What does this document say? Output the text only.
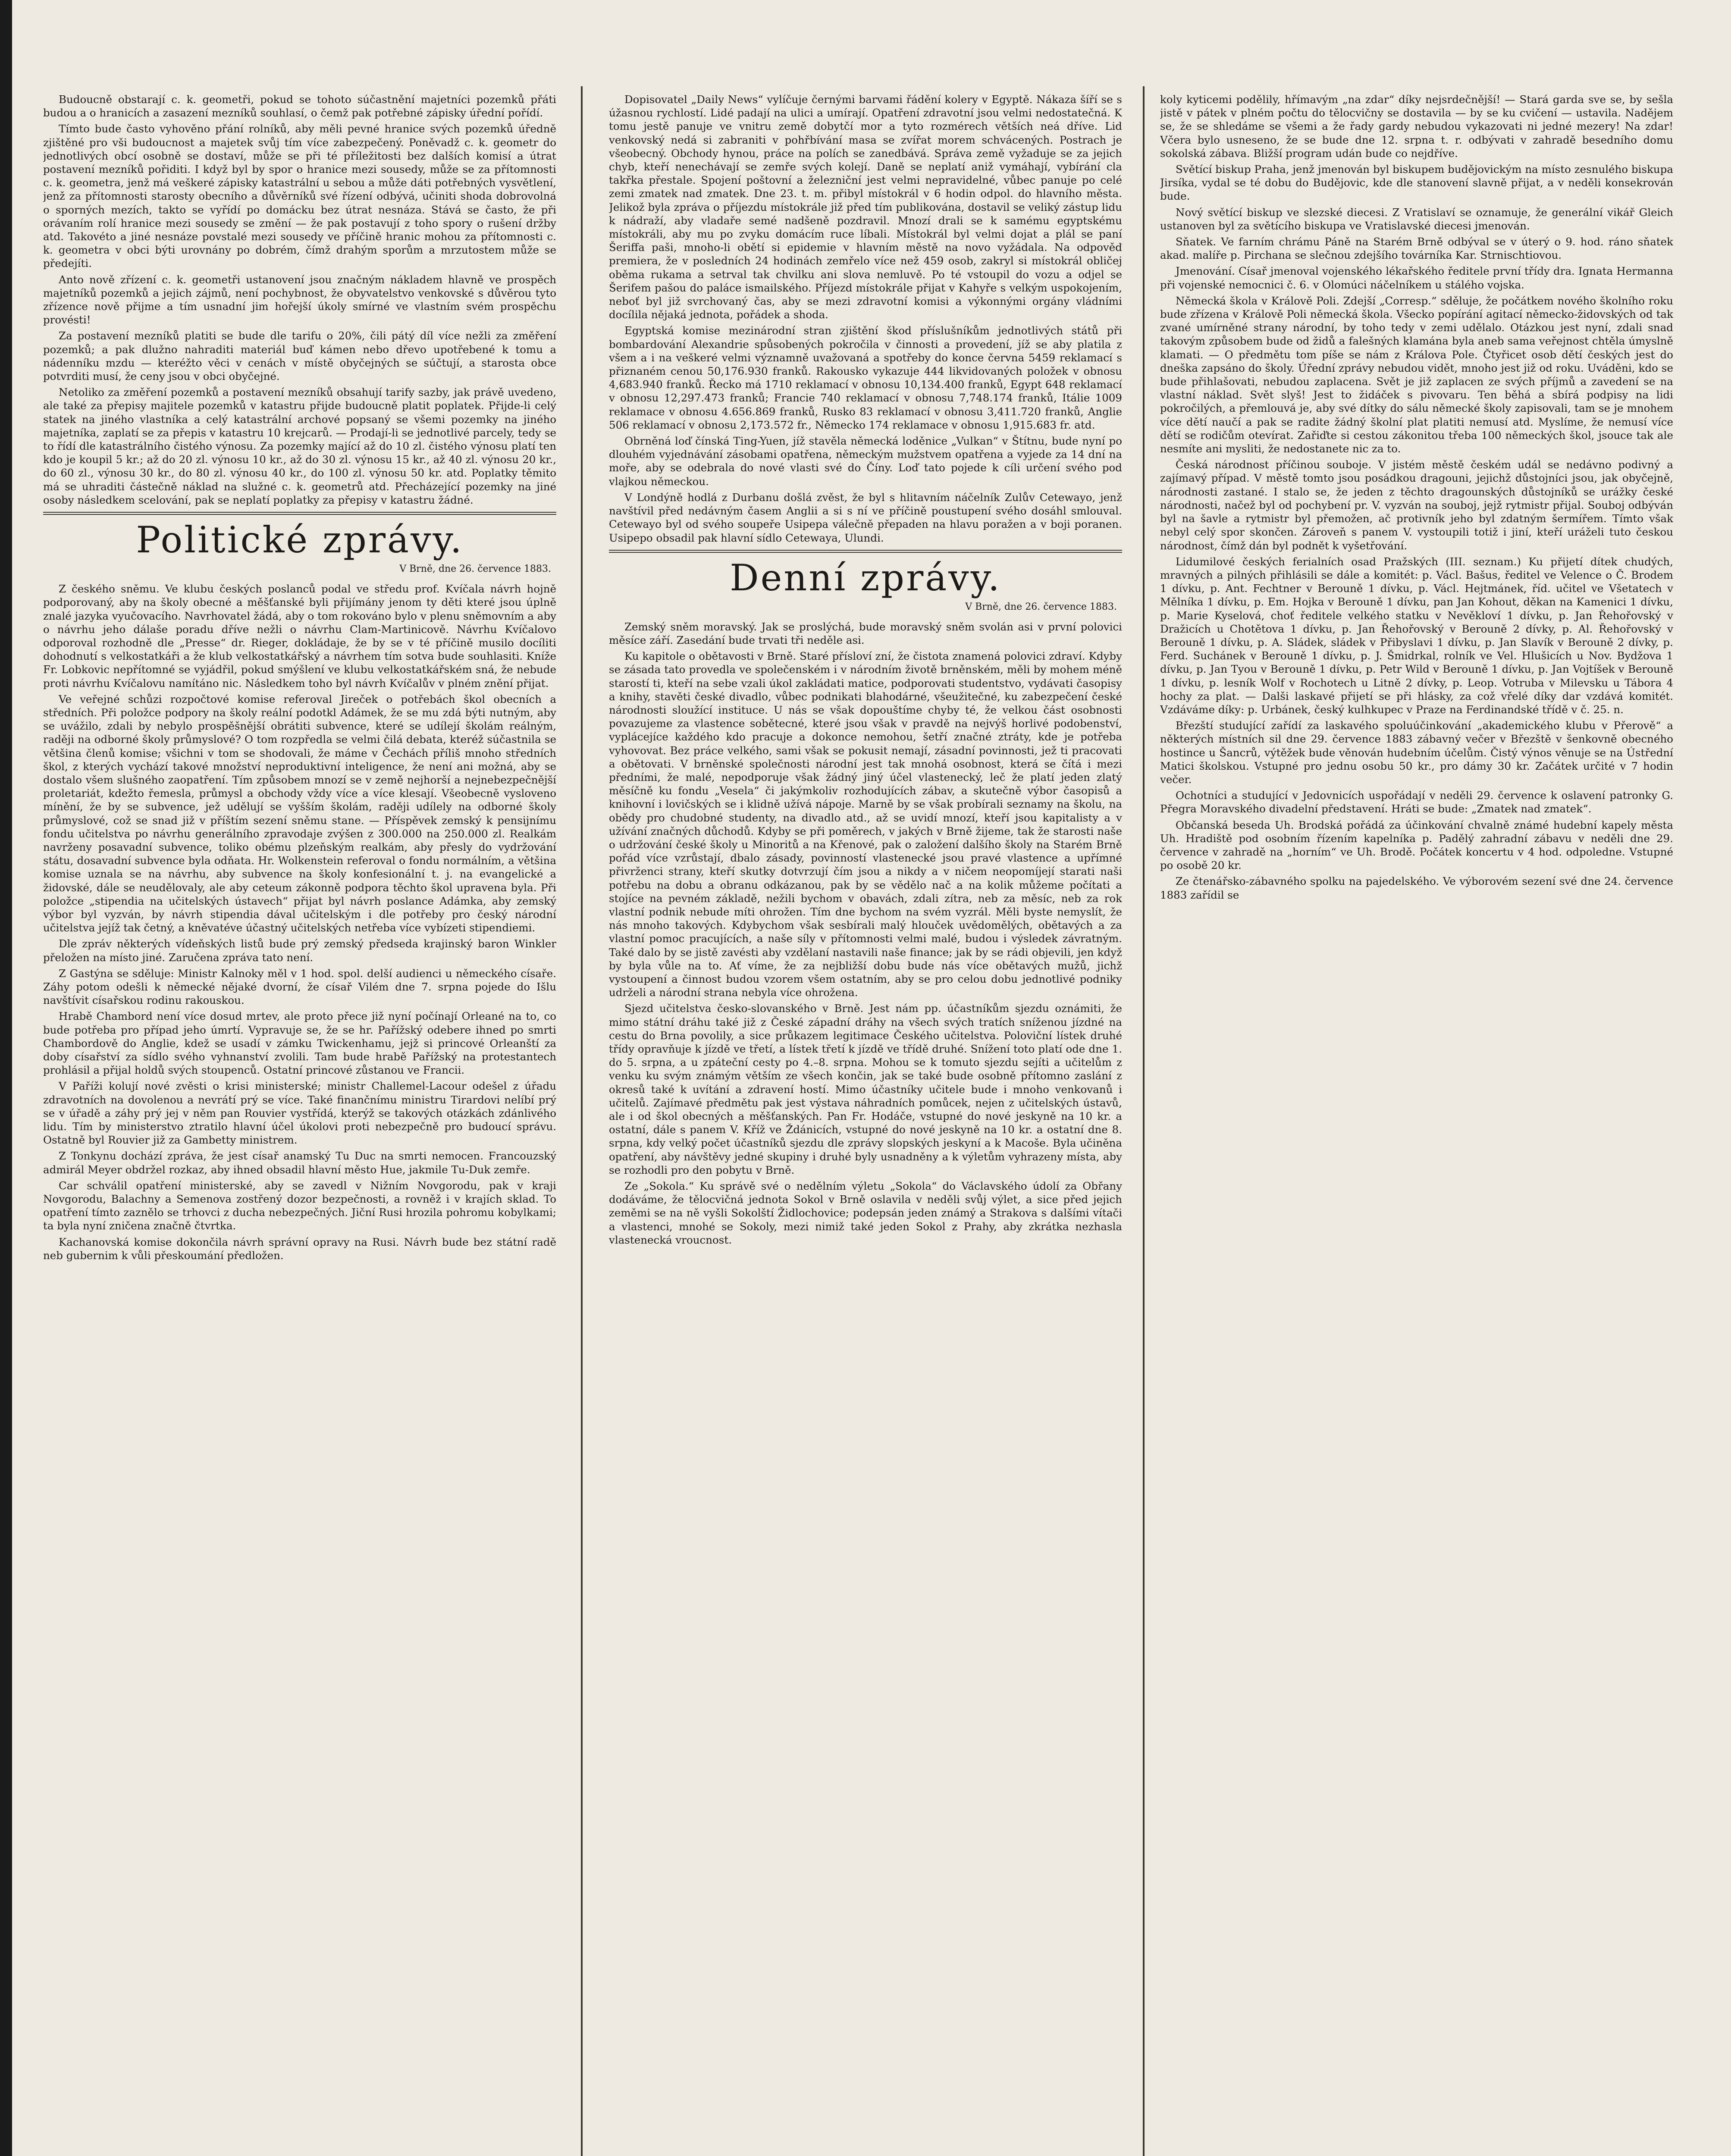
Budoucně obstarají c. k. geometři, pokud se tohoto súčastnění majetníci pozemků přáti budou a o hranicích a zasazení mezníků souhlasí, o čemž pak potřebné zápisky úřední pořídí.

Tímto bude často vyhověno přání rolníků, aby měli pevné hranice svých pozemků úředně zjištěné pro vši budoucnost a majetek svůj tím více zabezpečený. Poněvadž c. k. geometr do jednotlivých obcí osobně se dostaví, může se při té příležitosti bez dalších komisí a útrat postavení mezníků pořiditi. I když byl by spor o hranice mezi sousedy, může se za přítomnosti c. k. geometra, jenž má veškeré zápisky katastrální u sebou a může dáti potřebných vysvětlení, jenž za přítomnosti starosty obecního a důvěrníků své řízení odbývá, učiniti shoda dobrovolná o sporných mezích, takto se vyřídí po domácku bez útrat nesnáza. Stává se často, že při orávaním rolí hranice mezi sousedy se změní — že pak postavují z toho spory o rušení držby atd. Takovéto a jiné nesnáze povstalé mezi sousedy ve příčině hranic mohou za přítomnosti c. k. geometra v obci býti urovnány po dobrém, čímž drahým sporům a mrzutostem může se předejíti.

Anto nově zřízení c. k. geometři ustanovení jsou značným nákladem hlavně ve prospěch majetníků pozemků a jejich zájmů, není pochybnost, že obyvatelstvo venkovské s důvěrou tyto zřízence nově přijme a tím usnadní jim hořejší úkoly smírné ve vlastním svém prospěchu provésti!

Za postavení mezníků platiti se bude dle tarifu o 20%, čili pátý díl více nežli za změření pozemků; a pak dlužno nahraditi materiál buď kámen nebo dřevo upotřebené k tomu a nádenníku mzdu — kteréžto věci v cenách v místě obyčejných se súčtují, a starosta obce potvrditi musí, že ceny jsou v obci obyčejné.

Netoliko za změření pozemků a postavení mezníků obsahují tarify sazby, jak právě uvedeno, ale také za přepisy majitele pozemků v katastru přijde budoucně platit poplatek. Přijde-li celý statek na jiného vlastníka a celý katastrální archové popsaný se všemi pozemky na jiného majetníka, zaplatí se za přepis v katastru 10 krejcarů. — Prodají-li se jednotlivé parcely, tedy se to řídí dle katastrálního čistého výnosu. Za pozemky mající až do 10 zl. čistého výnosu platí ten kdo je koupil 5 kr.; až do 20 zl. výnosu 10 kr., až do 30 zl. výnosu 15 kr., až 40 zl. výnosu 20 kr., do 60 zl., výnosu 30 kr., do 80 zl. výnosu 40 kr., do 100 zl. výnosu 50 kr. atd. Poplatky těmito má se uhraditi částečně náklad na služné c. k. geometrů atd. Přecházející pozemky na jiné osoby následkem scelování, pak se neplatí poplatky za přepisy v katastru žádné.

Politické zprávy.
V Brně, dne 26. července 1883.

Z českého sněmu. Ve klubu českých poslanců podal ve středu prof. Kvíčala návrh hojně podporovaný, aby na školy obecné a měšťanské byli přijímány jenom ty děti které jsou úplně znalé jazyka vyučovacího. Navrhovatel žádá, aby o tom rokováno bylo v plenu sněmovním a aby o návrhu jeho dálaše poradu dříve nežli o návrhu Clam-Martinicově. Návrhu Kvíčalovo odporoval rozhodně dle „Presse“ dr. Rieger, dokládaje, že by se v té příčině musilo docíliti dohodnutí s velkostatkáři a že klub velkostatkářský a návrhem tím sotva bude souhlasiti. Kníže Fr. Lobkovic nepřítomné se vyjádřil, pokud smýšlení ve klubu velkostatkářském sná, že nebude proti návrhu Kvíčalovu namítáno nic. Následkem toho byl návrh Kvíčalův v plném znění přijat.

Ve veřejné schůzi rozpočtové komise referoval Jireček o potřebách škol obecních a středních. Při položce podpory na školy reální podotkl Adámek, že se mu zdá býti nutným, aby se uvážilo, zdali by nebylo prospěšnější obrátiti subvence, které se udílejí školám reálným, raději na odborné školy průmyslové? O tom rozpředla se velmi čilá debata, kteréž súčastnila se většina členů komise; všichni v tom se shodovali, že máme v Čechách příliš mnoho středních škol, z kterých vychází takové množství neproduktivní inteligence, že není ani možná, aby se dostalo všem slušného zaopatření. Tím způsobem mnozí se v země nejhorší a nejnebezpečnější proletariát, kdežto řemesla, průmysl a obchody vždy více a více klesají. Všeobecně vysloveno mínění, že by se subvence, jež udělují se vyšším školám, raději udílely na odborné školy průmyslové, což se snad již v příštím sezení sněmu stane. — Příspěvek zemský k pensijnímu fondu učitelstva po návrhu generálního zpravodaje zvýšen z 300.000 na 250.000 zl. Realkám navrženy posavadní subvence, toliko obému plzeňským realkám, aby přesly do vydržování státu, dosavadní subvence byla odňata. Hr. Wolkenstein referoval o fondu normálním, a většina komise uznala se na návrhu, aby subvence na školy konfesionální t. j. na evangelické a židovské, dále se neudělovaly, ale aby ceteum zákonně podpora těchto škol upravena byla. Při položce „stipendia na učitelských ústavech“ přijat byl návrh poslance Adámka, aby zemský výbor byl vyzván, by návrh stipendia dával učitelským i dle potřeby pro český národní učitelstva jejíž tak četný, a kněvatéve účastný učitelských netřeba více vybízeti stipendiemi.

Dle zpráv některých vídeňských listů bude prý zemský předseda krajinský baron Winkler přeložen na místo jiné. Zaručena zpráva tato není.

Z Gastýna se sděluje: Ministr Kalnoky měl v 1 hod. spol. delší audienci u německého císaře. Záhy potom odešli k německé nějaké dvorní, že císař Vilém dne 7. srpna pojede do Išlu navštívit císařskou rodinu rakouskou.

Hrabě Chambord není více dosud mrtev, ale proto přece již nyní počínají Orleané na to, co bude potřeba pro případ jeho úmrtí. Vypravuje se, že se hr. Pařížský odebere ihned po smrti Chambordově do Anglie, kdež se usadí v zámku Twickenhamu, jejž si princové Orleanští za doby císařství za sídlo svého vyhnanství zvolili. Tam bude hrabě Pařížský na protestantech prohlásil a přijal holdů svých stoupenců. Ostatní princové zůstanou ve Francii.

V Paříži kolují nové zvěsti o krisi ministerské; ministr Challemel-Lacour odešel z úřadu zdravotních na dovolenou a nevrátí prý se více. Také finančnímu ministru Tirardovi nelíbí prý se v úřadě a záhy prý jej v něm pan Rouvier vystřídá, kterýž se takových otázkách zdánlivého lidu. Tím by ministerstvo ztratilo hlavní účel úkolovi proti nebezpečně pro budoucí správu. Ostatně byl Rouvier již za Gambetty ministrem.

Z Tonkynu dochází zpráva, že jest císař anamský Tu Duc na smrti nemocen. Francouzský admirál Meyer obdržel rozkaz, aby ihned obsadil hlavní město Hue, jakmile Tu-Duk zemře.

Car schválil opatření ministerské, aby se zavedl v Nižním Novgorodu, pak v kraji Novgorodu, Balachny a Semenova zostřený dozor bezpečnosti, a rovněž i v krajích sklad. To opatření tímto zaznělo se trhovci z ducha nebezpečných. Jiční Rusi hrozila pohromu kobylkami; ta byla nyní zničena značně čtvrtka.

Kachanovská komise dokončila návrh správní opravy na Rusi. Návrh bude bez státní radě neb gubernim k vůli přeskoumání předložen.

Dopisovatel „Daily News“ vylíčuje černými barvami řádění kolery v Egyptě. Nákaza šíří se s úžasnou rychlostí. Lidé padají na ulici a umírají. Opatření zdravotní jsou velmi nedostatečná. K tomu jestě panuje ve vnitru země dobytčí mor a tyto rozmérech větších neá dříve. Lid venkovský nedá si zabraniti v pohřbívání masa se zvířat morem schvácených. Postrach je všeobecný. Obchody hynou, práce na polích se zanedbává. Správa země vyžaduje se za jejich chyb, kteří nenechávají se zemře svých kolejí. Daně se neplatí aniž vymáhají, vybírání cla takřka přestale. Spojení poštovní a železniční jest velmi nepravidelné, vůbec panuje po celé zemi zmatek nad zmatek. Dne 23. t. m. přibyl místokrál v 6 hodin odpol. do hlavního města. Jelikož byla zpráva o příjezdu místokrále již před tím publikována, dostavil se veliký zástup lidu k nádraží, aby vladaře semé nadšeně pozdravil. Mnozí drali se k samému egyptskému místokráli, aby mu po zvyku domácím ruce líbali. Místokrál byl velmi dojat a plál se paní Šeriffa paši, mnoho-li obětí si epidemie v hlavním městě na novo vyžádala. Na odpověď premiera, že v posledních 24 hodinách zemřelo více než 459 osob, zakryl si místokrál obličej oběma rukama a setrval tak chvilku ani slova nemluvě. Po té vstoupil do vozu a odjel se Šerifem pašou do paláce ismailského. Příjezd místokrále přijat v Kahyře s velkým uspokojením, neboť byl již svrchovaný čas, aby se mezi zdravotní komisi a výkonnými orgány vládními docílila nějaká jednota, pořádek a shoda.

Egyptská komise mezinárodní stran zjištění škod příslušníkům jednotlivých států při bombardování Alexandrie spůsobených pokročila v činnosti a provedení, jíž se aby platila z všem a i na veškeré velmi významně uvažovaná a spotřeby do konce června 5459 reklamací s přiznaném cenou 50,176.930 franků. Rakousko vykazuje 444 likvidovaných položek v obnosu 4,683.940 franků. Řecko má 1710 reklamací v obnosu 10,134.400 franků, Egypt 648 reklamací v obnosu 12,297.473 franků; Francie 740 reklamací v obnosu 7,748.174 franků, Itálie 1009 reklamace v obnosu 4.656.869 franků, Rusko 83 reklamací v obnosu 3,411.720 franků, Anglie 506 reklamací v obnosu 2,173.572 fr., Německo 174 reklamace v obnosu 1,915.683 fr. atd.

Obrněná loď čínská Ting-Yuen, jíž stavěla německá loděnice „Vulkan“ v Štítnu, bude nyní po dlouhém vyjednávání zásobami opatřena, německým mužstvem opatřena a vyjede za 14 dní na moře, aby se odebrala do nové vlasti své do Číny. Loď tato pojede k cíli určení svého pod vlajkou německou.

V Londýně hodlá z Durbanu došlá zvěst, že byl s hlitavním náčelník Zulův Cetewayo, jenž navštívil před nedávným časem Anglii a si s ní ve příčině poustupení svého dosáhl smlouval. Cetewayo byl od svého soupeře Usipepa válečně přepaden na hlavu poražen a v boji poranen. Usipepo obsadil pak hlavní sídlo Cetewaya, Ulundi.

Denní zprávy.
V Brně, dne 26. července 1883.

Zemský sněm moravský. Jak se proslýchá, bude moravský sněm svolán asi v první polovici měsíce září. Zasedání bude trvati tři neděle asi.

Ku kapitole o obětavosti v Brně. Staré přísloví zní, že čistota znamená polovici zdraví. Kdyby se zásada tato provedla ve společenském i v národním životě brněnském, měli by mohem méně starostí ti, kteří na sebe vzali úkol zakládati matice, podporovati studentstvo, vydávati časopisy a knihy, stavěti české divadlo, vůbec podnikati blahodárné, všeužitečné, ku zabezpečení české národnosti sloužící instituce. U nás se však dopouštíme chyby té, že velkou část osobnosti povazujeme za vlastence sobětecné, které jsou však v pravdě na nejvýš horlivé podobenství, vyplácejíce každého kdo pracuje a dokonce nemohou, šetří značné ztráty, kde je potřeba vyhovovat. Bez práce velkého, sami však se pokusit nemají, zásadní povinnosti, jež ti pracovati a obětovati. V brněnské společnosti národní jest tak mnohá osobnost, která se čítá i mezi předními, že malé, nepodporuje však žádný jiný účel vlastenecký, leč že platí jeden zlatý měsíčně ku fondu „Vesela“ či jakýmkoliv rozhodujících zábav, a skutečně výbor časopisů a knihovní i lovičských se i klidně užívá nápoje. Marně by se však probírali seznamy na školu, na obědy pro chudobné studenty, na divadlo atd., až se uvidí mnozí, kteří jsou kapitalisty a v užívání značných důchodů. Kdyby se při poměrech, v jakých v Brně žijeme, tak že starosti naše o udržování české školy u Minoritů a na Křenové, pak o založení dalšího školy na Starém Brně pořád více vzrůstají, dbalo zásady, povinností vlastenecké jsou pravé vlastence a upřímné přivrženci strany, kteří skutky dotvrzují čím jsou a nikdy a v ničem neopomíjejí starati naši potřebu na dobu a obranu odkázanou, pak by se vědělo nač a na kolik můžeme počítati a stojíce na pevném základě, nežili bychom v obavách, zdali zítra, neb za měsíc, neb za rok vlastní podnik nebude míti ohrožen. Tím dne bychom na svém vyzrál. Měli byste nemyslít, že nás mnoho takových. Kdybychom však sesbírali malý hlouček uvědomělých, obětavých a za vlastní pomoc pracujících, a naše síly v přítomnosti velmi malé, budou i výsledek závratným. Také dalo by se jistě zavésti aby vzdělaní nastavili naše finance; jak by se rádi objevili, jen když by byla vůle na to. Ať víme, že za nejbližší dobu bude nás více obětavých mužů, jichž vystoupení a činnost budou vzorem všem ostatním, aby se pro celou dobu jednotlivé podniky udrželi a národní strana nebyla více ohrožena.

Sjezd učitelstva česko-slovanského v Brně. Jest nám pp. účastníkům sjezdu oznámiti, že mimo státní dráhu také již z České západní dráhy na všech svých tratích sníženou jízdné na cestu do Brna povolily, a sice průkazem legitimace Českého učitelstva. Poloviční lístek druhé třídy opravňuje k jízdě ve třetí, a lístek třetí k jízdě ve třídě druhé. Snížení toto platí ode dne 1. do 5. srpna, a u zpáteční cesty po 4.–8. srpna. Mohou se k tomuto sjezdu sejíti a učitelům z venku ku svým známým větším ze všech končin, jak se také bude osobně přítomno zaslání z okresů také k uvítání a zdravení hostí. Mimo účastníky učitele bude i mnoho venkovanů i učitelů. Zajímavé předmětu pak jest výstava náhradních pomůcek, nejen z učitelských ústavů, ale i od škol obecných a měšťanských. Pan Fr. Hodáče, vstupné do nové jeskyně na 10 kr. a ostatní, dále s panem V. Kříž ve Ždánicích, vstupné do nové jeskyně na 10 kr. a ostatní dne 8. srpna, kdy velký počet účastníků sjezdu dle zprávy slopských jeskyní a k Macoše. Byla učiněna opatření, aby návštěvy jedné skupiny i druhé byly usnadněny a k výletům vyhrazeny místa, aby se rozhodli pro den pobytu v Brně.

Ze „Sokola.“ Ku správě své o nedělním výletu „Sokola“ do Václavského údolí za Obřany dodáváme, že tělocvičná jednota Sokol v Brně oslavila v neděli svůj výlet, a sice před jejich zeměmi se na ně vyšli Sokolští Židlochovice; podepsán jeden známý a Strakova s dalšími vítači a vlastenci, mnohé se Sokoly, mezi nimiž také jeden Sokol z Prahy, aby zkrátka nezhasla vlastenecká vroucnost.

koly kyticemi podělily, hřímavým „na zdar“ díky nejsrdečnější! — Stará garda sve se, by sešla jistě v pátek v plném počtu do tělocvičny se dostavila — by se ku cvičení — ustavila. Nadějem se, že se shledáme se všemi a že řady gardy nebudou vykazovati ni jedné mezery! Na zdar! Včera bylo usneseno, že se bude dne 12. srpna t. r. odbývati v zahradě besedního domu sokolská zábava. Bližší program udán bude co nejdříve.

Světící biskup Praha, jenž jmenován byl biskupem budějovickým na místo zesnulého biskupa Jirsíka, vydal se té dobu do Budějovic, kde dle stanovení slavně přijat, a v neděli konsekrován bude.

Nový světící biskup ve slezské diecesi. Z Vratislaví se oznamuje, že generální vikář Gleich ustanoven byl za světícího biskupa ve Vratislavské diecesi jmenován.

Sňatek. Ve farním chrámu Páně na Starém Brně odbýval se v úterý o 9. hod. ráno sňatek akad. malíře p. Pirchana se slečnou zdejšího továrníka Kar. Strnischtiovou.

Jmenování. Císař jmenoval vojenského lékařského ředitele první třídy dra. Ignata Hermanna při vojenské nemocnici č. 6. v Olomúci náčelníkem u stálého vojska.

Německá škola v Králově Poli. Zdejší „Corresp.“ sděluje, že počátkem nového školního roku bude zřízena v Králově Poli německá škola. Všecko popírání agitací německo-židovských od tak zvané umírněné strany národní, by toho tedy v zemi udělalo. Otázkou jest nyní, zdali snad takovým způsobem bude od židů a falešných klamána byla aneb sama veřejnost chtěla úmyslně klamati. — O předmětu tom píše se nám z Králova Pole. Čtyřicet osob dětí českých jest do dneška zapsáno do školy. Úřední zprávy nebudou vidět, mnoho jest již od roku. Uváděni, kdo se bude přihlašovati, nebudou zaplacena. Svět je již zaplacen ze svých příjmů a zavedení se na vlastní náklad. Svět slyš! Jest to židáček s pivovaru. Ten běhá a sbírá podpisy na lidi pokročilých, a přemlouvá je, aby své dítky do sálu německé školy zapisovali, tam se je mnohem více dětí naučí a pak se radite žádný školní plat platiti nemusí atd. Myslíme, že nemusí více dětí se rodičům otevírat. Zařiďte si cestou zákonitou třeba 100 německých škol, jsouce tak ale nesmíte ani mysliti, že nedostanete nic za to.

Česká národnost příčinou souboje. V jistém městě českém udál se nedávno podivný a zajímavý případ. V městě tomto jsou posádkou dragouni, jejichž důstojníci jsou, jak obyčejně, národnosti zastané. I stalo se, že jeden z těchto dragounských důstojníků se urážky české národnosti, načež byl od pochybení pr. V. vyzván na souboj, jejž rytmistr přijal. Souboj odbýván byl na šavle a rytmistr byl přemožen, ač protivník jeho byl zdatným šermířem. Tímto však nebyl celý spor skončen. Zároveň s panem V. vystoupili totiž i jiní, kteří uráželi tuto českou národnost, čímž dán byl podnět k vyšetřování.

Lidumilové českých ferialních osad Pražských (III. seznam.) Ku přijetí dítek chudých, mravných a pilných přihlásili se dále a komitét: p. Václ. Bašus, ředitel ve Velence o Č. Brodem 1 dívku, p. Ant. Fechtner v Berouně 1 dívku, p. Václ. Hejtmánek, říd. učitel ve Všetatech v Mělníka 1 dívku, p. Em. Hojka v Berouně 1 dívku, pan Jan Kohout, děkan na Kamenici 1 dívku, p. Marie Kyselová, choť ředitele velkého statku v Nevěkloví 1 dívku, p. Jan Řehořovský v Dražicích u Chotětova 1 dívku, p. Jan Řehořovský v Berouně 2 dívky, p. Al. Řehořovský v Berouně 1 dívku, p. A. Sládek, sládek v Přibyslavi 1 dívku, p. Jan Slavík v Berouně 2 dívky, p. Ferd. Suchánek v Berouně 1 dívku, p. J. Šmidrkal, rolník ve Vel. Hlušicích u Nov. Bydžova 1 dívku, p. Jan Tyou v Berouně 1 dívku, p. Petr Wild v Berouně 1 dívku, p. Jan Vojtíšek v Berouně 1 dívku, p. lesník Wolf v Rochotech u Litně 2 dívky, p. Leop. Votruba v Milevsku u Tábora 4 hochy za plat. — Dalši laskavé přijetí se při hlásky, za což vřelé díky dar vzdává komitét. Vzdáváme díky: p. Urbánek, český kulhkupec v Praze na Ferdinandské třídě v č. 25. n.

Březští studující zařídí za laskavého spoluúčinkování „akademického klubu v Přerově“ a některých místních sil dne 29. července 1883 zábavný večer v Březště v šenkovně obecného hostince u Šancrů, výtěžek bude věnován hudebním účelům. Čistý výnos věnuje se na Ústřední Matici školskou. Vstupné pro jednu osobu 50 kr., pro dámy 30 kr. Začátek určité v 7 hodin večer.

Ochotníci a studující v Jedovnicích uspořádají v neděli 29. července k oslavení patronky G. Přegra Moravského divadelní představení. Hráti se bude: „Zmatek nad zmatek“.

Občanská beseda Uh. Brodská pořádá za účinkování chvalně známé hudební kapely města Uh. Hradiště pod osobním řízením kapelníka p. Padělý zahradní zábavu v neděli dne 29. července v zahradě na „horním“ ve Uh. Brodě. Počátek koncertu v 4 hod. odpoledne. Vstupné po osobě 20 kr.

Ze čtenářsko-zábavného spolku na pajedelského. Ve výborovém sezení své dne 24. července 1883 zařídil se
